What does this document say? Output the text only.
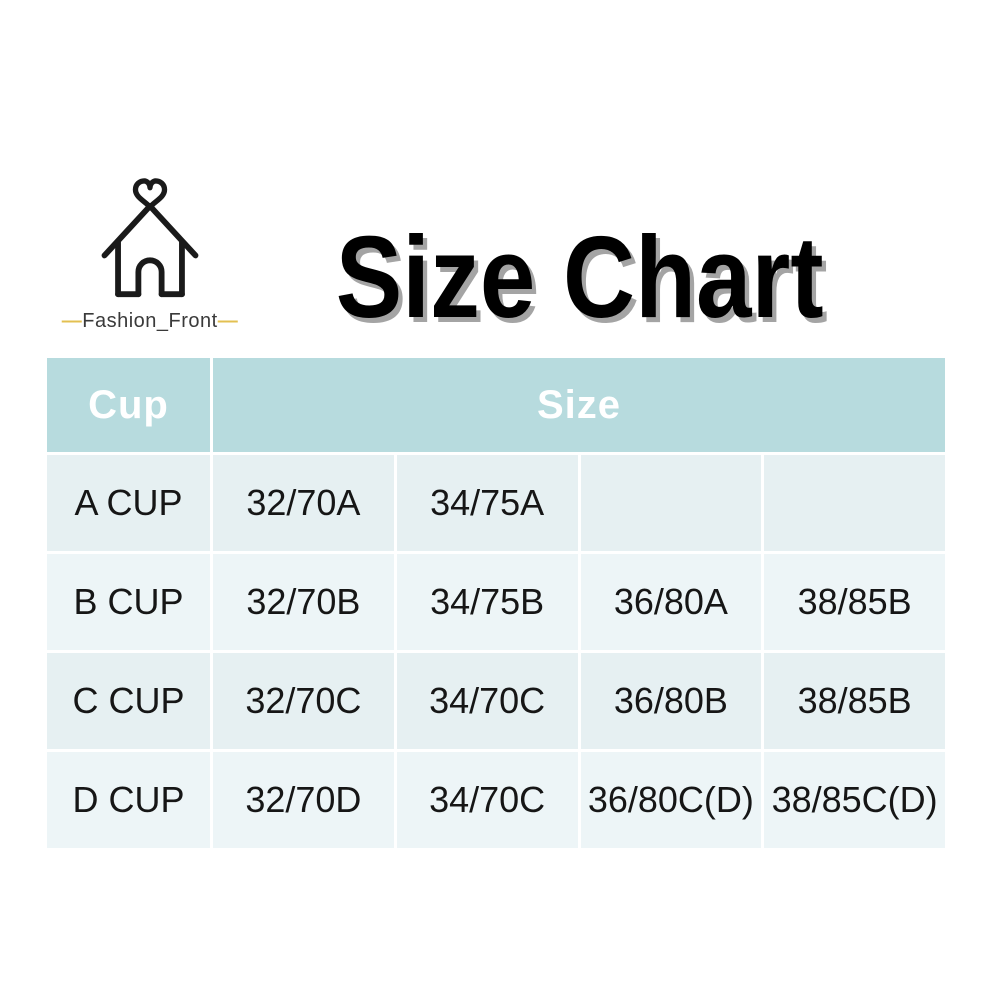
—Fashion_Front— Size Chart
Cup	Size
A CUP	32/70A	34/75A
B CUP	32/70B	34/75B	36/80A	38/85B
C CUP	32/70C	34/70C	36/80B	38/85B
D CUP	32/70D	34/70C	36/80C(D) 38/85C(D)
